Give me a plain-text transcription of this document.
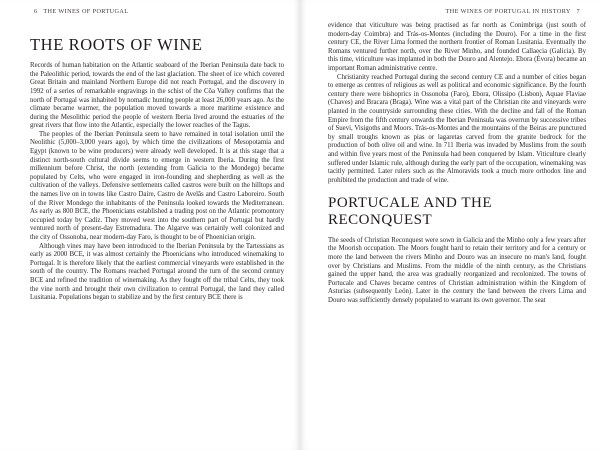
6 THE WINES OF PORTUGAL
THE ROOTS OF WINE

Records of human habitation on the Atlantic seaboard of the Iberian Peninsula date back to the Paleolithic period, towards the end of the last glaciation. The sheet of ice which covered Great Britain and mainland Northern Europe did not reach Portugal, and the discovery in 1992 of a series of remarkable engravings in the schist of the Côa Valley confirms that the north of Portugal was inhabited by nomadic hunting people at least 26,000 years ago. As the climate became warmer, the population moved towards a more maritime existence and during the Mesolithic period the people of western Iberia lived around the estuaries of the great rivers that flow into the Atlantic, especially the lower reaches of the Tagus.

The peoples of the Iberian Peninsula seem to have remained in total isolation until the Neolithic (5,000–3,000 years ago), by which time the civilizations of Mesopotamia and Egypt (known to be wine producers) were already well developed. It is at this stage that a distinct north-south cultural divide seems to emerge in western Iberia. During the first millennium before Christ, the north (extending from Galicia to the Mondego) became populated by Celts, who were engaged in iron-founding and shepherding as well as the cultivation of the valleys. Defensive settlements called castros were built on the hilltops and the names live on in towns like Castro Daire, Castro de Avelãs and Castro Laboreiro. South of the River Mondego the inhabitants of the Peninsula looked towards the Mediterranean. As early as 800 BCE, the Phoenicians established a trading post on the Atlantic promontory occupied today by Cadiz. They moved west into the southern part of Portugal but hardly ventured north of present-day Estremadura. The Algarve was certainly well colonized and the city of Ossonoba, near modern-day Faro, is thought to be of Phoenician origin.

Although vines may have been introduced to the Iberian Peninsula by the Tartessians as early as 2000 BCE, it was almost certainly the Phoenicians who introduced winemaking to Portugal. It is therefore likely that the earliest commercial vineyards were established in the south of the country. The Romans reached Portugal around the turn of the second century BCE and refined the tradition of winemaking. As they fought off the tribal Celts, they took the vine north and brought their own civilization to central Portugal, the land they called Lusitania. Populations began to stabilize and by the first century BCE there is

THE WINES OF PORTUGAL IN HISTORY 7

evidence that viticulture was being practised as far north as Conimbriga (just south of modern-day Coimbra) and Trás-os-Montes (including the Douro). For a time in the first century CE, the River Lima formed the northern frontier of Roman Lusitania. Eventually the Romans ventured further north, over the River Minho, and founded Callaecia (Galicia). By this time, viticulture was implanted in both the Douro and Alentejo. Ebora (Évora) became an important Roman administrative centre.

Christianity reached Portugal during the second century CE and a number of cities began to emerge as centres of religious as well as political and economic significance. By the fourth century there were bishoprics in Ossonoba (Faro), Ebora, Olissipo (Lisbon), Aquae Flaviae (Chaves) and Bracara (Braga). Wine was a vital part of the Christian rite and vineyards were planted in the countryside surrounding these cities. With the decline and fall of the Roman Empire from the fifth century onwards the Iberian Peninsula was overrun by successive tribes of Suevi, Visigoths and Moors. Trás-os-Montes and the mountains of the Beiras are punctured by small troughs known as pias or lagaretas carved from the granite bedrock for the production of both olive oil and wine. In 711 Iberia was invaded by Muslims from the south and within five years most of the Peninsula had been conquered by Islam. Viticulture clearly suffered under Islamic rule, although during the early part of the occupation, winemaking was tacitly permitted. Later rulers such as the Almoravids took a much more orthodox line and prohibited the production and trade of wine.

PORTUCALE AND THE RECONQUEST

The seeds of Christian Reconquest were sown in Galicia and the Minho only a few years after the Moorish occupation. The Moors fought hard to retain their territory and for a century or more the land between the rivers Minho and Douro was an insecure no man's land, fought over by Christians and Muslims. From the middle of the ninth century, as the Christians gained the upper hand, the area was gradually reorganized and recolonized. The towns of Portucale and Chaves became centres of Christian administration within the Kingdom of Asturias (subsequently León). Later in the century the land between the rivers Lima and Douro was sufficiently densely populated to warrant its own governor. The seat
